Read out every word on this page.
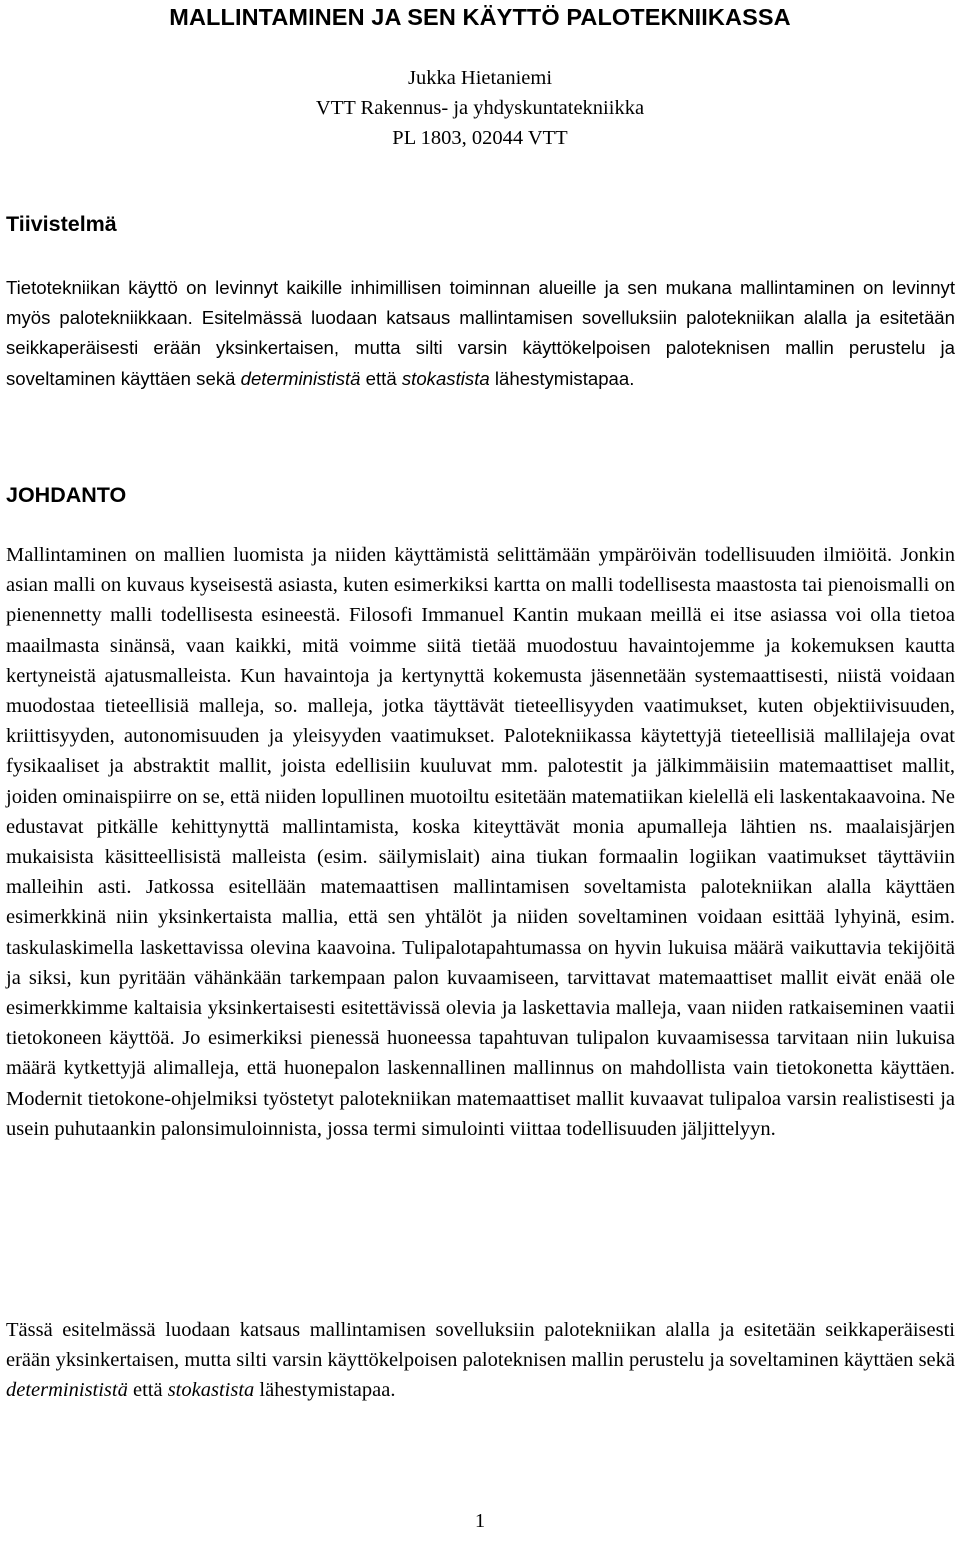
MALLINTAMINEN JA SEN KÄYTTÖ PALOTEKNIIKASSA
Jukka Hietaniemi
VTT Rakennus- ja yhdyskuntatekniikka
PL 1803, 02044 VTT
Tiivistelmä

Tietotekniikan käyttö on levinnyt kaikille inhimillisen toiminnan alueille ja sen mukana mallintaminen on levinnyt myös palotekniikkaan. Esitelmässä luodaan katsaus mallintamisen sovelluksiin palotekniikan alalla ja esitetään seikkaperäisesti erään yksinkertaisen, mutta silti varsin käyttökelpoisen paloteknisen mallin perustelu ja soveltaminen käyttäen sekä determinististä että stokastista lähestymistapaa.

JOHDANTO

Mallintaminen on mallien luomista ja niiden käyttämistä selittämään ympäröivän todellisuuden ilmiöitä. Jonkin asian malli on kuvaus kyseisestä asiasta, kuten esimerkiksi kartta on malli todellisesta maastosta tai pienoismalli on pienennetty malli todellisesta esineestä. Filosofi Immanuel Kantin mukaan meillä ei itse asiassa voi olla tietoa maailmasta sinänsä, vaan kaikki, mitä voimme siitä tietää muodostuu havaintojemme ja kokemuksen kautta kertyneistä ajatusmalleista. Kun havaintoja ja kertynyttä kokemusta jäsennetään systemaattisesti, niistä voidaan muodostaa tieteellisiä malleja, so. malleja, jotka täyttävät tieteellisyyden vaatimukset, kuten objektiivisuuden, kriittisyyden, autonomisuuden ja yleisyyden vaatimukset. Palotekniikassa käytettyjä tieteellisiä mallilajeja ovat fysikaaliset ja abstraktit mallit, joista edellisiin kuuluvat mm. palotestit ja jälkimmäisiin matemaattiset mallit, joiden ominaispiirre on se, että niiden lopullinen muotoiltu esitetään matematiikan kielellä eli laskentakaavoina. Ne edustavat pitkälle kehittynyttä mallintamista, koska kiteyttävät monia apumalleja lähtien ns. maalaisjärjen mukaisista käsitteellisistä malleista (esim. säilymislait) aina tiukan formaalin logiikan vaatimukset täyttäviin malleihin asti. Jatkossa esitellään matemaattisen mallintamisen soveltamista palotekniikan alalla käyttäen esimerkkinä niin yksinkertaista mallia, että sen yhtälöt ja niiden soveltaminen voidaan esittää lyhyinä, esim. taskulaskimella laskettavissa olevina kaavoina. Tulipalotapahtumassa on hyvin lukuisa määrä vaikuttavia tekijöitä ja siksi, kun pyritään vähänkään tarkempaan palon kuvaamiseen, tarvittavat matemaattiset mallit eivät enää ole esimerkkimme kaltaisia yksinkertaisesti esitettävissä olevia ja laskettavia malleja, vaan niiden ratkaiseminen vaatii tietokoneen käyttöä. Jo esimerkiksi pienessä huoneessa tapahtuvan tulipalon kuvaamisessa tarvitaan niin lukuisa määrä kytkettyjä alimalleja, että huonepalon laskennallinen mallinnus on mahdollista vain tietokonetta käyttäen. Modernit tietokone-ohjelmiksi työstetyt palotekniikan matemaattiset mallit kuvaavat tulipaloa varsin realistisesti ja usein puhutaankin palonsimuloinnista, jossa termi simulointi viittaa todellisuuden jäljittelyyn.

Tässä esitelmässä luodaan katsaus mallintamisen sovelluksiin palotekniikan alalla ja esitetään seikkaperäisesti erään yksinkertaisen, mutta silti varsin käyttökelpoisen paloteknisen mallin perustelu ja soveltaminen käyttäen sekä determinististä että stokastista lähestymistapaa.

1
